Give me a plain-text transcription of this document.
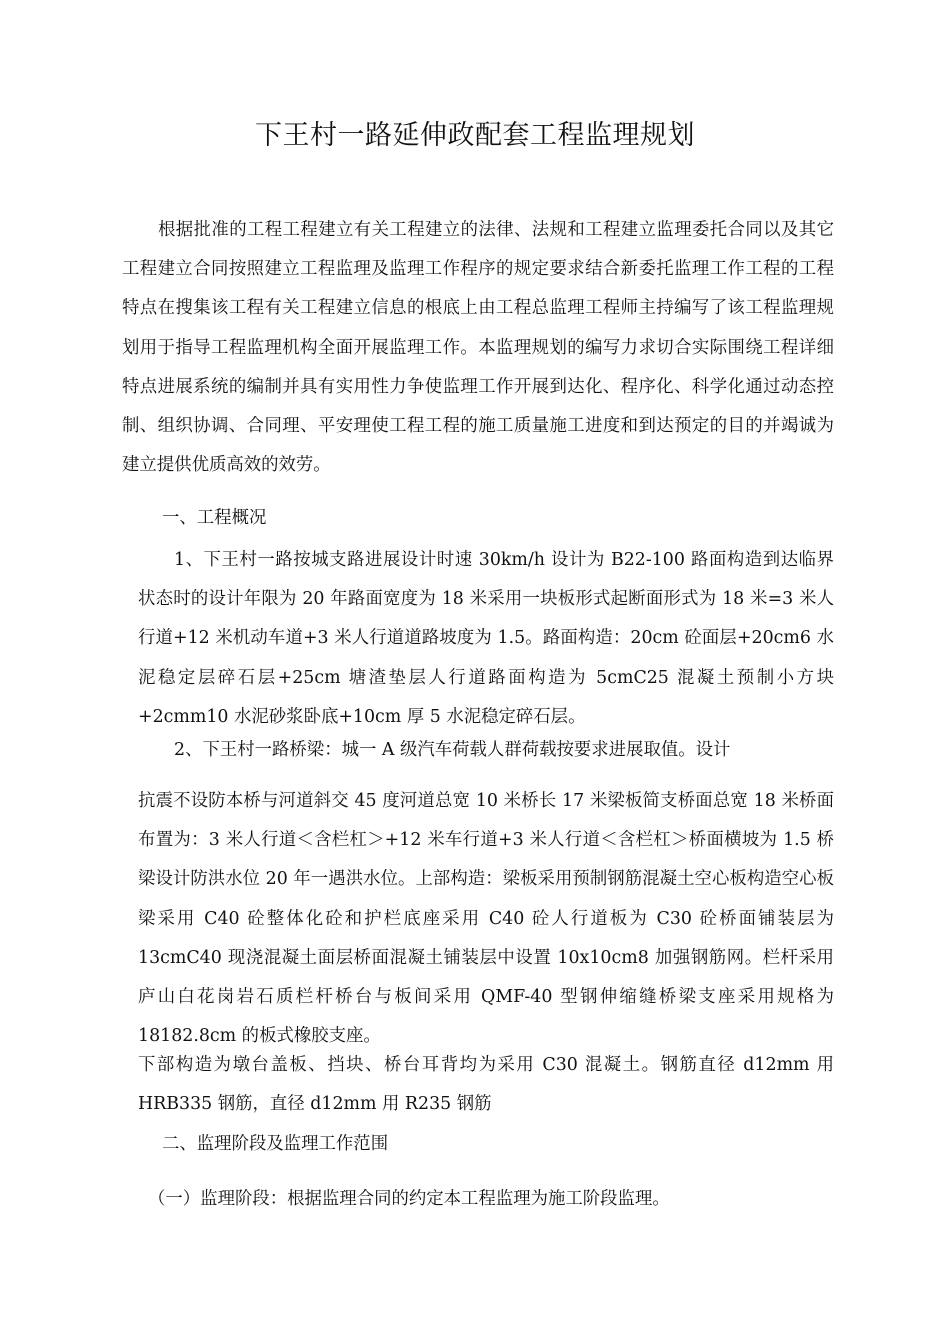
下王村一路延伸政配套工程监理规划

根据批准的工程工程建立有关工程建立的法律、法规和工程建立监理委托合同以及其它工程建立合同按照建立工程监理及监理工作程序的规定要求结合新委托监理工作工程的工程特点在搜集该工程有关工程建立信息的根底上由工程总监理工程师主持编写了该工程监理规划用于指导工程监理机构全面开展监理工作。本监理规划的编写力求切合实际围绕工程详细特点进展系统的编制并具有实用性力争使监理工作开展到达化、程序化、科学化通过动态控制、组织协调、合同理、平安理使工程工程的施工质量施工进度和到达预定的目的并竭诚为建立提供优质高效的效劳。

一、工程概况

1、下王村一路按城支路进展设计时速 30km/h 设计为 B22-100 路面构造到达临界状态时的设计年限为 20 年路面宽度为 18 米采用一块板形式起断面形式为 18 米=3 米人行道+12 米机动车道+3 米人行道道路坡度为 1.5。路面构造：20cm 砼面层+20cm6 水泥稳定层碎石层+25cm 塘渣垫层人行道路面构造为 5cmC25 混凝土预制小方块+2cmm10 水泥砂浆卧底+10cm 厚 5 水泥稳定碎石层。

2、下王村一路桥梁：城一 A 级汽车荷载人群荷载按要求进展取值。设计

抗震不设防本桥与河道斜交 45 度河道总宽 10 米桥长 17 米梁板简支桥面总宽 18 米桥面布置为：3 米人行道＜含栏杠＞+12 米车行道+3 米人行道＜含栏杠＞桥面横坡为 1.5 桥梁设计防洪水位 20 年一遇洪水位。上部构造：梁板采用预制钢筋混凝土空心板构造空心板梁采用 C40 砼整体化砼和护栏底座采用 C40 砼人行道板为 C30 砼桥面铺装层为 13cmC40 现浇混凝土面层桥面混凝土铺装层中设置 10x10cm8 加强钢筋网。栏杆采用庐山白花岗岩石质栏杆桥台与板间采用 QMF-40 型钢伸缩缝桥梁支座采用规格为 18182.8cm 的板式橡胶支座。

下部构造为墩台盖板、挡块、桥台耳背均为采用 C30 混凝土。钢筋直径 d12mm 用 HRB335 钢筋，直径 d12mm 用 R235 钢筋

二、监理阶段及监理工作范围

（一）监理阶段：根据监理合同的约定本工程监理为施工阶段监理。
